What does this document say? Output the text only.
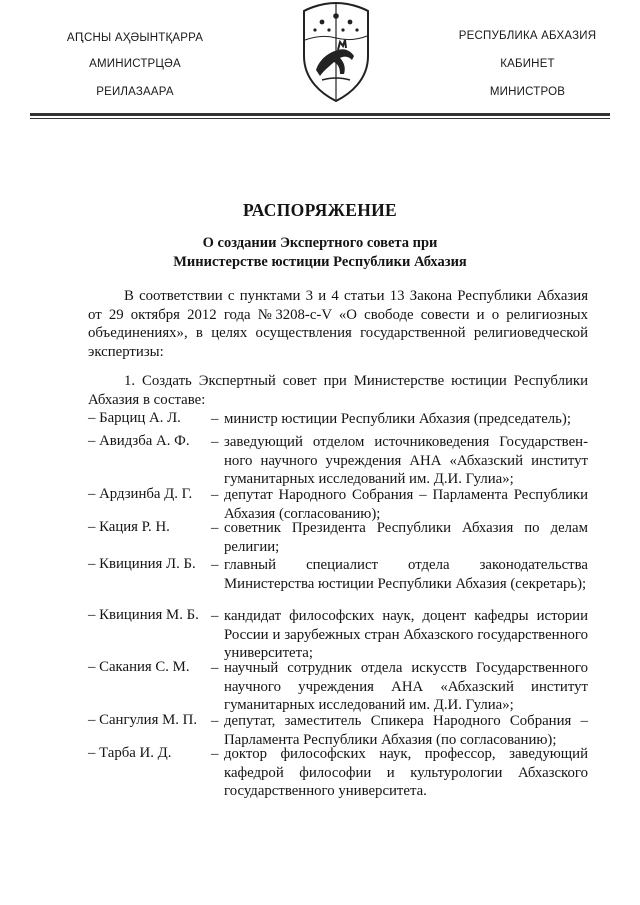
АԤСНЫ АҲӘЫНТҚАРРА
АМИНИСТРЦӘА
РЕИЛАЗААРА
РЕСПУБЛИКА АБХАЗИЯ
КАБИНЕТ
МИНИСТРОВ
РАСПОРЯЖЕНИЕ
О создании Экспертного совета при
Министерстве юстиции Республики Абхазия
В соответствии с пунктами 3 и 4 статьи 13 Закона Республики Абхазия от 29 октября 2012 года №3208-с-V «О свободе совести и о религиозных объединениях», в целях осуществления государственной религиоведческой экспертизы:
1. Создать Экспертный совет при Министерстве юстиции Республики Абхазия в составе:
– Барциц А. Л. – министр юстиции Республики Абхазия (председатель);
– Авидзба А. Ф. – заведующий отделом источниковедения Государствен-ного научного учреждения АНА «Абхазский институт гуманитарных исследований им. Д.И. Гулиа»;
– Ардзинба Д. Г. – депутат Народного Собрания – Парламента Республики Абхазия (согласованию);
– Кация Р. Н.	– советник Президента Республики Абхазия по делам религии;
– Квициния Л. Б. – главный специалист отдела законодательства Министерства юстиции Республики Абхазия (секретарь);
– Квициния М. Б. – кандидат философских наук, доцент кафедры истории России и зарубежных стран Абхазского государственного университета;
– Сакания С. М. – научный сотрудник отдела искусств Государственного научного учреждения АНА «Абхазский институт гуманитарных исследований им. Д.И. Гулиа»;
– Сангулия М. П. – депутат, заместитель Спикера Народного Собрания – Парламента Республики Абхазия (по согласованию);
– Тарба И. Д.	– доктор философских наук, профессор, заведующий кафедрой философии и культурологии Абхазского государственного университета.
